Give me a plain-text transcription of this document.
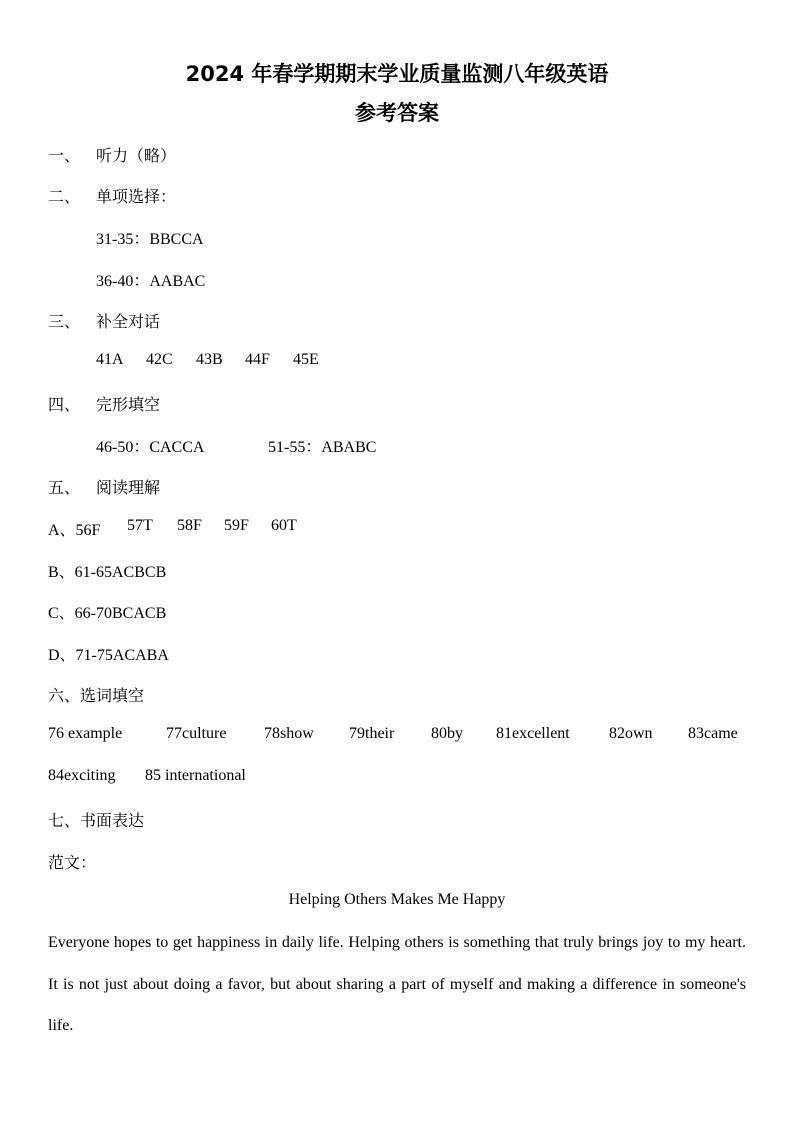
2024 年春学期期末学业质量监测八年级英语
参考答案
一、 听力（略）
二、 单项选择：
31-35：BBCCA
36-40：AABAC
三、 补全对话
41A 42C 43B 44F 45E
四、 完形填空
46-50：CACCA	51-55：ABABC
五、 阅读理解
A、56F 57T 58F 59F 60T
B、61-65ACBCB
C、66-70BCACB
D、71-75ACABA
六、选词填空
76 example	77culture 78show 79their 80by 81excellent 82own 83came
84exciting 85 international
七、书面表达
范文：
Helping Others Makes Me Happy
Everyone hopes to get happiness in daily life. Helping others is something that truly brings joy to my heart. It is not just about doing a favor, but about sharing a part of myself and making a difference in someone's life.
